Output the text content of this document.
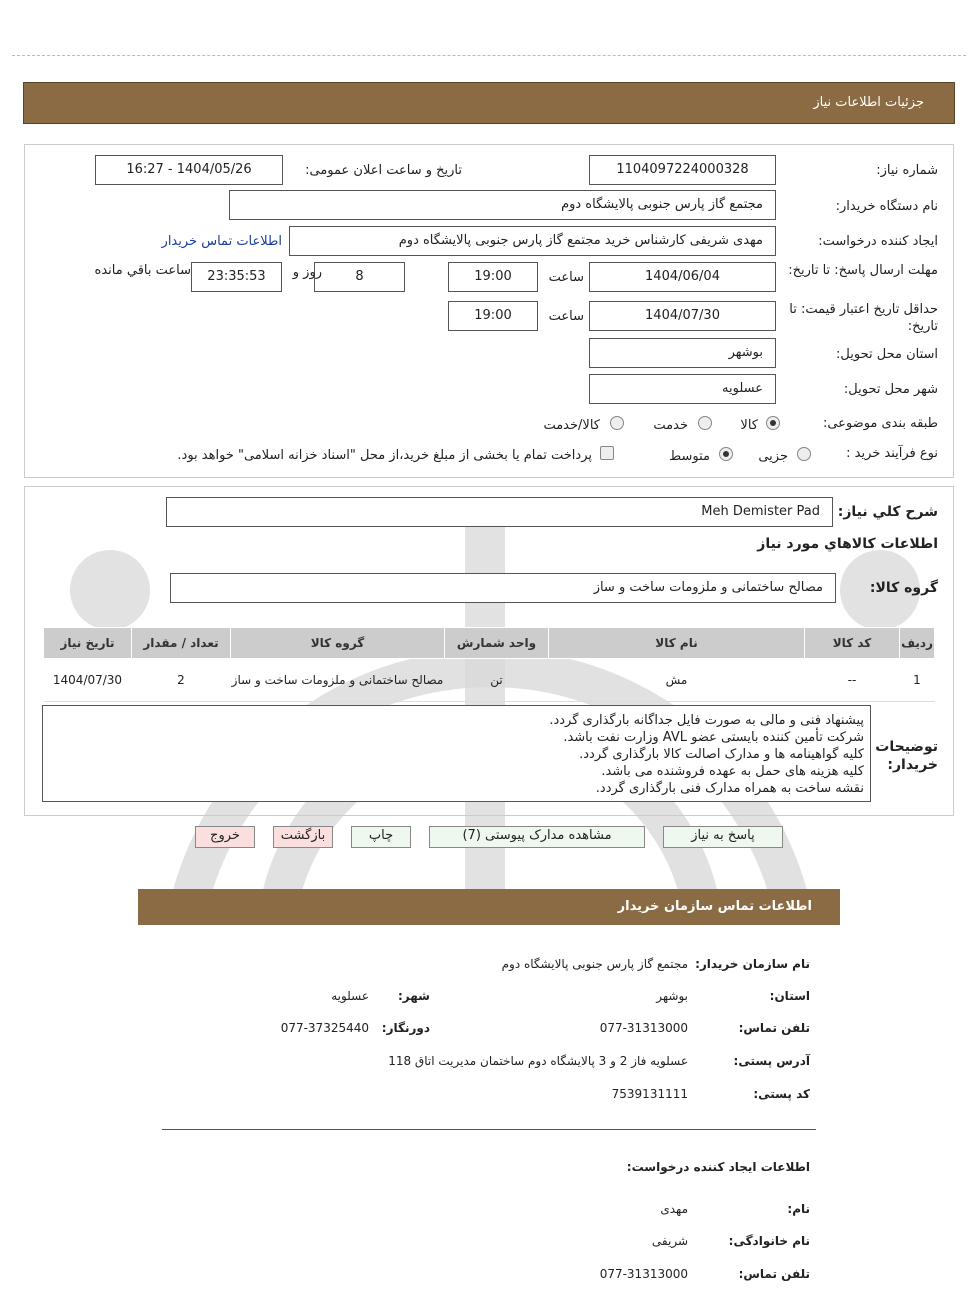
جزئیات اطلاعات نیاز
شماره نیاز:
1104097224000328
تاریخ و ساعت اعلان عمومی:
1404/05/26 - 16:27
نام دستگاه خریدار:
مجتمع گاز پارس جنوبی پالایشگاه دوم
ایجاد کننده درخواست:
مهدی شریفی کارشناس خرید مجتمع گاز پارس جنوبی پالایشگاه دوم
اطلاعات تماس خریدار
مهلت ارسال پاسخ: تا تاریخ:
1404/06/04
ساعت
19:00
8
روز و
23:35:53
ساعت باقي مانده
حداقل تاریخ اعتبار قیمت: تا تاریخ:
1404/07/30
ساعت
19:00
استان محل تحویل:
بوشهر
شهر محل تحویل:
عسلویه
طبقه بندی موضوعی:
کالا
خدمت
کالا/خدمت
نوع فرآیند خرید :
جزیی
متوسط
پرداخت تمام یا بخشی از مبلغ خرید،از محل "اسناد خزانه اسلامی" خواهد بود.
شرح کلي نياز:
Meh Demister Pad
اطلاعات کالاهاي مورد نياز
گروه کالا:
مصالح ساختمانی و ملزومات ساخت و ساز
ردیف	کد کالا	نام کالا	واحد شمارش	گروه کالا	تعداد / مقدار	تاریخ نیاز
1	--	مش	تن	مصالح ساختمانی و ملزومات ساخت و ساز	2	1404/07/30
توضیحات خریدار:
پیشنهاد فنی و مالی به صورت فایل جداگانه بارگذاری گردد.
شرکت تأمین کننده بایستی عضو AVL وزارت نفت باشد.
کلیه گواهینامه ها و مدارک اصالت کالا بارگذاری گردد.
کلیه هزینه های حمل به عهده فروشنده می باشد.
نقشه ساخت به همراه مدارک فنی بارگذاری گردد.
پاسخ به نیاز
مشاهده مدارک پیوستی (7)
چاپ
بازگشت
خروج
اطلاعات تماس سازمان خریدار
نام سازمان خریدار:
مجتمع گاز پارس جنوبی پالایشگاه دوم
استان:
بوشهر
شهر:
عسلویه
تلفن تماس:
077-31313000
دورنگار:
077-37325440
آدرس پستی:
عسلویه فاز 2 و 3 پالایشگاه دوم ساختمان مدیریت اتاق 118
کد پستی:
7539131111
اطلاعات ایجاد کننده درخواست:
نام:
مهدی
نام خانوادگی:
شریفی
تلفن تماس:
077-31313000
